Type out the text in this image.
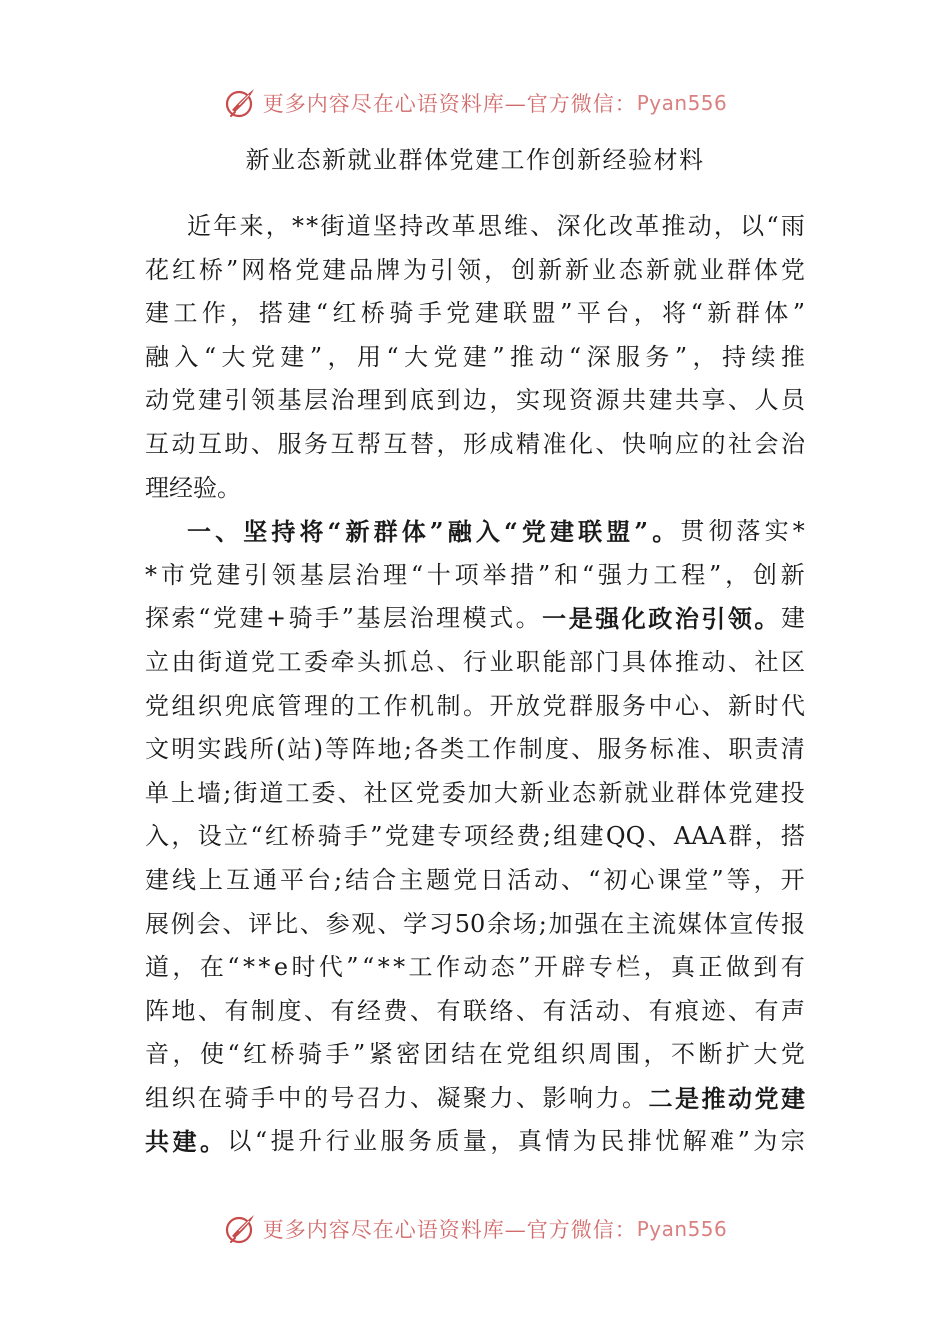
更多内容尽在心语资料库—官方微信： Pyan556
新业态新就业群体党建工作创新经验材料
近 年 来 ， * * 街 道 坚 持 改 革 思 维 、 深 化 改 革 推 动 ， 以 “ 雨
花 红 桥 ” 网 格 党 建 品 牌 为 引 领 ， 创 新 新 业 态 新 就 业 群 体 党
建 工 作 ， 搭 建 “ 红 桥 骑 手 党 建 联 盟 ” 平 台 ， 将 “ 新 群 体 ”
融 入 “ 大 党 建 ” ， 用 “ 大 党 建 ” 推 动 “ 深 服 务 ” ， 持 续 推
动 党 建 引 领 基 层 治 理 到 底 到 边 ， 实 现 资 源 共 建 共 享 、 人 员
互 动 互 助 、 服 务 互 帮 互 替 ， 形 成 精 准 化 、 快 响 应 的 社 会 治
理 经 验 。
一 、 坚 持 将 “ 新 群 体 ” 融 入 “ 党 建 联 盟 ” 。 贯 彻 落 实 *
* 市 党 建 引 领 基 层 治 理 “ 十 项 举 措 ” 和 “ 强 力 工 程 ” ， 创 新
探 索 “ 党 建 + 骑 手 ” 基 层 治 理 模 式 。 一 是 强 化 政 治 引 领 。 建
立 由 街 道 党 工 委 牵 头 抓 总 、 行 业 职 能 部 门 具 体 推 动 、 社 区
党 组 织 兜 底 管 理 的 工 作 机 制 。 开 放 党 群 服 务 中 心 、 新 时 代
文 明 实 践 所 ( 站 ) 等 阵 地 ; 各 类 工 作 制 度 、 服 务 标 准 、 职 责 清
单 上 墙 ; 街 道 工 委 、 社 区 党 委 加 大 新 业 态 新 就 业 群 体 党 建 投
入 ， 设 立 “ 红 桥 骑 手 ” 党 建 专 项 经 费 ; 组 建 QQ 、 AAA 群 ， 搭
建 线 上 互 通 平 台 ; 结 合 主 题 党 日 活 动 、 “ 初 心 课 堂 ” 等 ， 开
展 例 会 、 评 比 、 参 观 、 学 习 50 余 场 ; 加 强 在 主 流 媒 体 宣 传 报
道 ， 在 “ * * e 时 代 ” “ * * 工 作 动 态 ” 开 辟 专 栏 ， 真 正 做 到 有
阵 地 、 有 制 度 、 有 经 费 、 有 联 络 、 有 活 动 、 有 痕 迹 、 有 声
音 ， 使 “ 红 桥 骑 手 ” 紧 密 团 结 在 党 组 织 周 围 ， 不 断 扩 大 党
组 织 在 骑 手 中 的 号 召 力 、 凝 聚 力 、 影 响 力 。 二 是 推 动 党 建
共 建 。 以 “ 提 升 行 业 服 务 质 量 ， 真 情 为 民 排 忧 解 难 ” 为 宗
更多内容尽在心语资料库—官方微信： Pyan556
